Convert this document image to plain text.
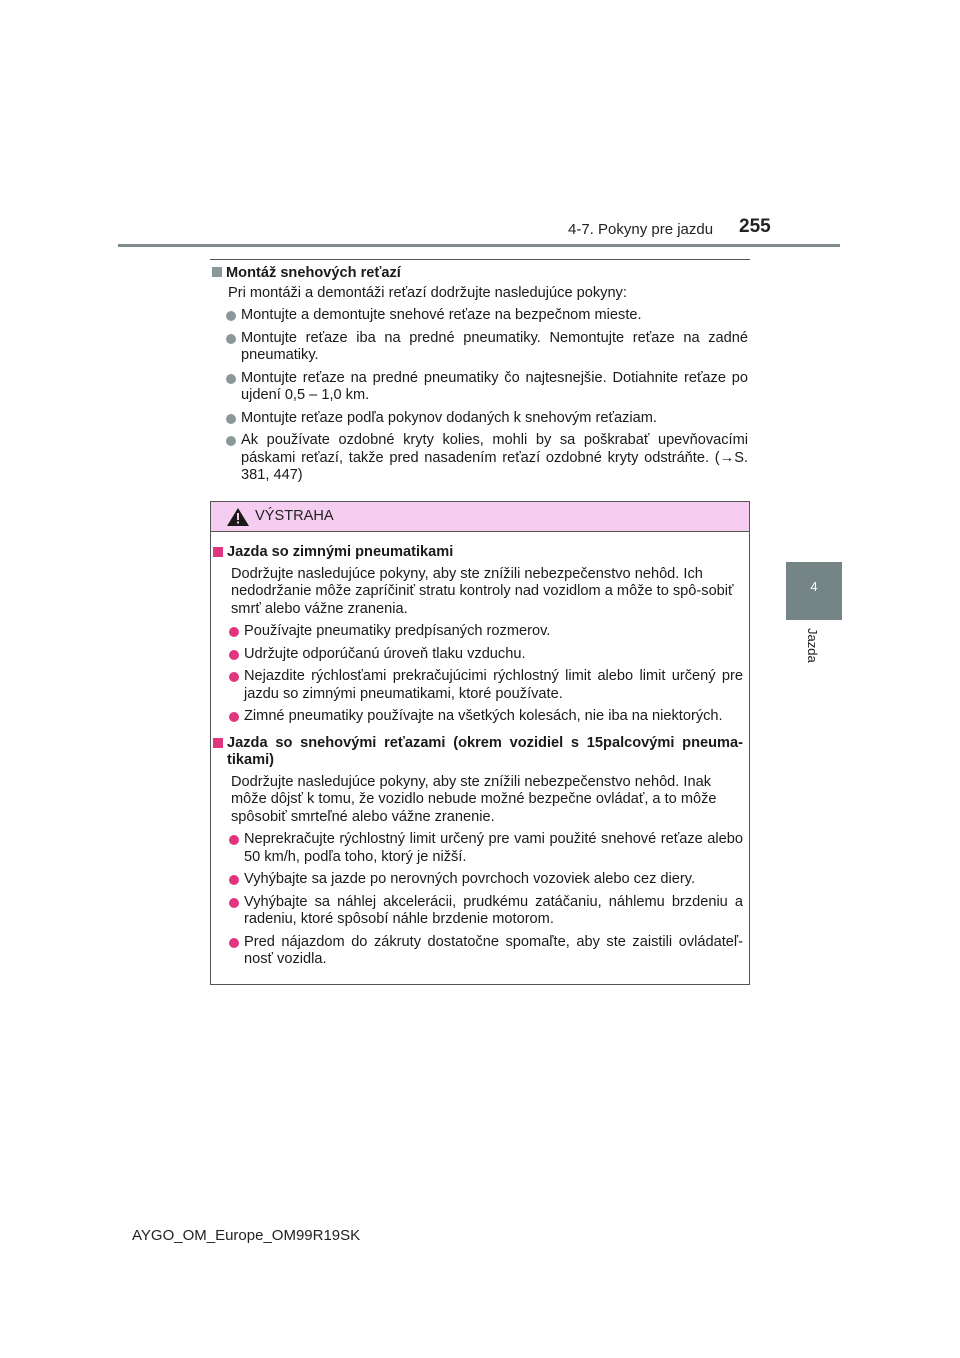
4-7. Pokyny pre jazdu 255
4
Jazda
Montáž snehových reťazí
Pri montáži a demontáži reťazí dodržujte nasledujúce pokyny:
Montujte a demontujte snehové reťaze na bezpečnom mieste.
Montujte reťaze iba na predné pneumatiky. Nemontujte reťaze na zadné pneumatiky.
Montujte reťaze na predné pneumatiky čo najtesnejšie. Dotiahnite reťaze po ujdení 0,5 – 1,0 km.
Montujte reťaze podľa pokynov dodaných k snehovým reťaziam.
Ak používate ozdobné kryty kolies, mohli by sa poškrabať upevňovacími páskami reťazí, takže pred nasadením reťazí ozdobné kryty odstráňte. (→S. 381, 447)
VÝSTRAHA
Jazda so zimnými pneumatikami
Dodržujte nasledujúce pokyny, aby ste znížili nebezpečenstvo nehôd. Ich nedodržanie môže zapríčiniť stratu kontroly nad vozidlom a môže to spô-sobiť smrť alebo vážne zranenia.
Používajte pneumatiky predpísaných rozmerov.
Udržujte odporúčanú úroveň tlaku vzduchu.
Nejazdite rýchlosťami prekračujúcimi rýchlostný limit alebo limit určený pre jazdu so zimnými pneumatikami, ktoré používate.
Zimné pneumatiky používajte na všetkých kolesách, nie iba na niektorých.
Jazda so snehovými reťazami (okrem vozidiel s 15palcovými pneuma-tikami)
Dodržujte nasledujúce pokyny, aby ste znížili nebezpečenstvo nehôd. Inak môže dôjsť k tomu, že vozidlo nebude možné bezpečne ovládať, a to môže spôsobiť smrteľné alebo vážne zranenie.
Neprekračujte rýchlostný limit určený pre vami použité snehové reťaze alebo 50 km/h, podľa toho, ktorý je nižší.
Vyhýbajte sa jazde po nerovných povrchoch vozoviek alebo cez diery.
Vyhýbajte sa náhlej akcelerácii, prudkému zatáčaniu, náhlemu brzdeniu a radeniu, ktoré spôsobí náhle brzdenie motorom.
Pred nájazdom do zákruty dostatočne spomaľte, aby ste zaistili ovládateľ-nosť vozidla.
AYGO_OM_Europe_OM99R19SK
